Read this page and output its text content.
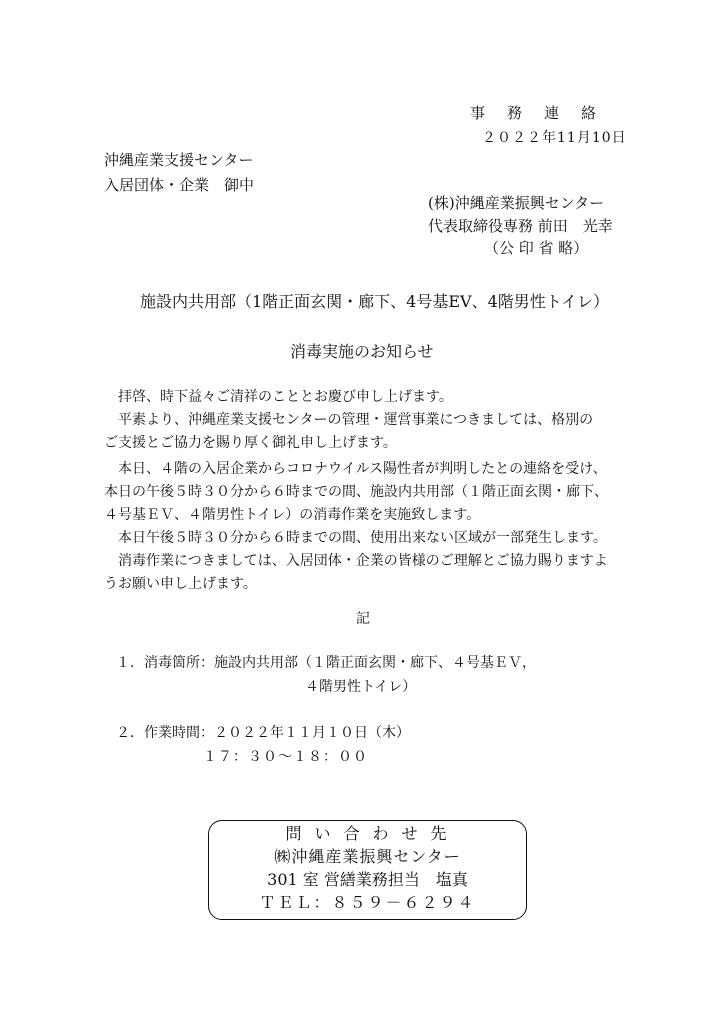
事務連絡
２０２２年11月10日
沖縄産業支援センター
入居団体・企業　御中
(株)沖縄産業振興センター
代表取締役専務 前田　光幸
（公 印 省 略）
施設内共用部（1階正面玄関・廊下、4号基EV、4階男性トイレ）
消毒実施のお知らせ
　拝啓、時下益々ご清祥のこととお慶び申し上げます。
　平素より、沖縄産業支援センターの管理・運営事業につきましては、格別の
ご支援とご協力を賜り厚く御礼申し上げます。
　本日、４階の入居企業からコロナウイルス陽性者が判明したとの連絡を受け、
本日の午後５時３０分から６時までの間、施設内共用部（１階正面玄関・廊下、
４号基ＥＶ、４階男性トイレ）の消毒作業を実施致します。
　本日午後５時３０分から６時までの間、使用出来ない区域が一部発生します。
　消毒作業につきましては、入居団体・企業の皆様のご理解とご協力賜りますよ
うお願い申し上げます。
記
１．消毒箇所：施設内共用部（１階正面玄関・廊下、４号基ＥＶ，
４階男性トイレ）
２．作業時間：２０２２年１１月１０日（木）
１７：３０～１８：００
問い合わせ先
㈱沖縄産業振興センター
301 室 営繕業務担当　塩真
ＴＥＬ：８５９－６２９４
